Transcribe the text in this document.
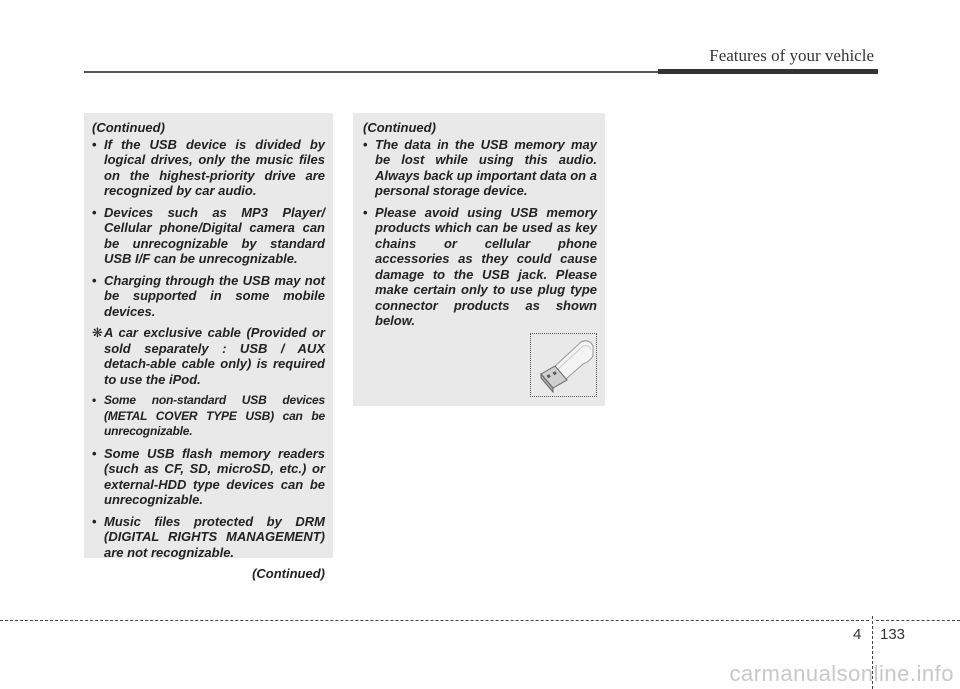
Features of your vehicle
(Continued)
• If the USB device is divided by logical drives, only the music files on the highest-priority drive are recognized by car audio.
• Devices such as MP3 Player/ Cellular phone/Digital camera can be unrecognizable by standard USB I/F can be unrecognizable.
• Charging through the USB may not be supported in some mobile devices.
❋ A car exclusive cable (Provided or sold separately : USB / AUX detach-able cable only) is required to use the iPod.
• Some non-standard USB devices (METAL COVER TYPE USB) can be unrecognizable.
• Some USB flash memory readers (such as CF, SD, microSD, etc.) or external-HDD type devices can be unrecognizable.
• Music files protected by DRM (DIGITAL RIGHTS MANAGEMENT) are not recognizable.
(Continued)
(Continued)
• The data in the USB memory may be lost while using this audio. Always back up important data on a personal storage device.
• Please avoid using USB memory products which can be used as key chains or cellular phone accessories as they could cause damage to the USB jack. Please make certain only to use plug type connector products as shown below.
4 133
carmanualsonline.info
